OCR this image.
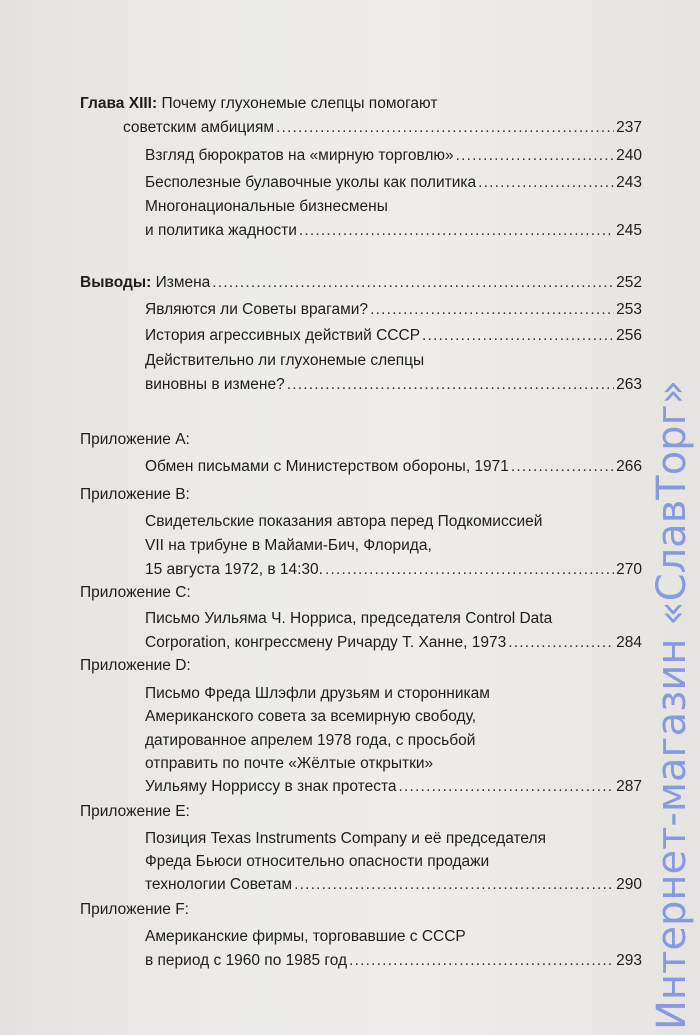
Глава XIII: Почему глухонемые слепцы помогают
советским амбициям .....	237
Взгляд бюрократов на «мирную торговлю» .....	240
Бесполезные булавочные уколы как политика .....	243
Многонациональные бизнесмены
и политика жадности .....	245
Выводы: Измена .....	252
Являются ли Советы врагами? .....	253
История агрессивных действий СССР .....	256
Действительно ли глухонемые слепцы
виновны в измене? .....	263
Приложение A:
Обмен письмами с Министерством обороны, 1971 .....	266
Приложение B:
Свидетельские показания автора перед Подкомиссией
VII на трибуне в Майами-Бич, Флорида,
15 августа 1972, в 14:30. .....	270
Приложение C:
Письмо Уильяма Ч. Норриса, председателя Control Data
Corporation, конгрессмену Ричарду Т. Ханне, 1973 .....	284
Приложение D:
Письмо Фреда Шлэфли друзьям и сторонникам
Американского совета за всемирную свободу,
датированное апрелем 1978 года, с просьбой
отправить по почте «Жёлтые открытки»
Уильяму Норриссу в знак протеста .....	287
Приложение E:
Позиция Texas Instruments Company и её председателя
Фреда Бьюси относительно опасности продажи
технологии Советам .....	290
Приложение F:
Американские фирмы, торговавшие с СССР
в период с 1960 по 1985 год .....	293 Интернет-магазин «СлавТорг»
